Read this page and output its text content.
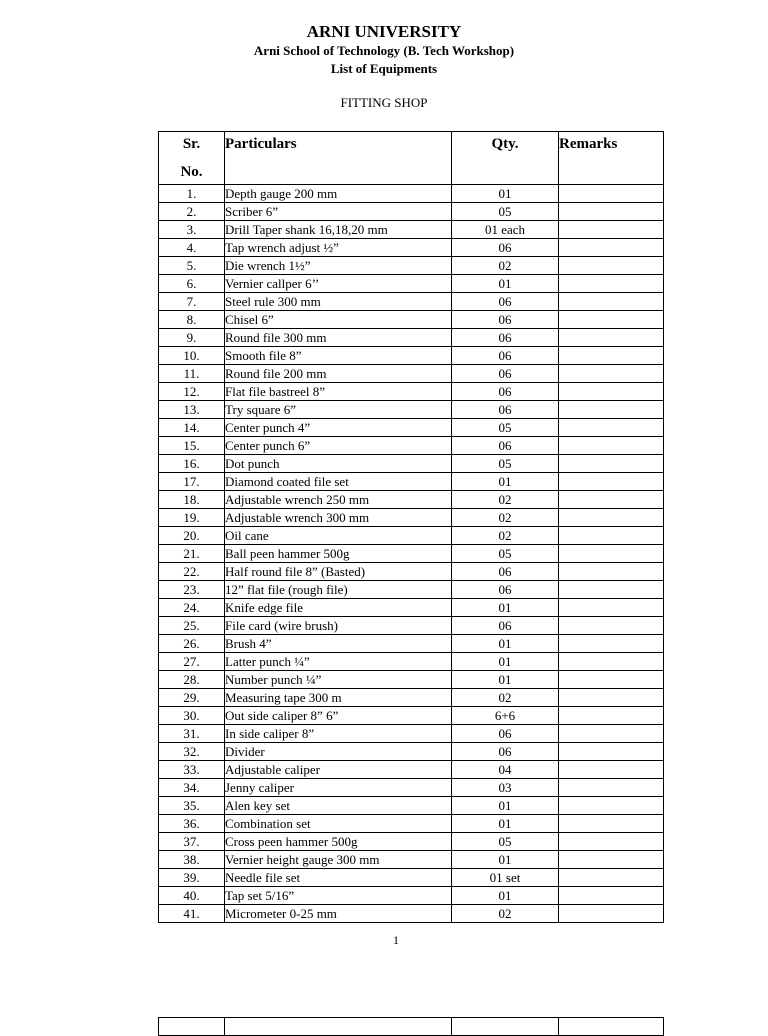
ARNI UNIVERSITY
Arni School of Technology (B. Tech Workshop)
List of Equipments
FITTING SHOP
Sr.
No.	Particulars	Qty.	Remarks
1.	Depth gauge 200 mm	01	
2.	Scriber 6”	05	
3.	Drill Taper shank 16,18,20 mm	01 each	
4.	Tap wrench adjust ½”	06	
5.	Die wrench 1½”	02	
6.	Vernier callper 6’’	01	
7.	Steel rule 300 mm	06	
8.	Chisel 6”	06	
9.	Round file 300 mm	06	
10.	Smooth file 8”	06	
11.	Round file 200 mm	06	
12.	Flat file bastreel 8”	06	
13.	Try square 6”	06	
14.	Center punch 4”	05	
15.	Center punch 6”	06	
16.	Dot punch	05	
17.	Diamond coated file set	01	
18.	Adjustable wrench 250 mm	02	
19.	Adjustable wrench 300 mm	02	
20.	Oil cane	02	
21.	Ball peen hammer 500g	05	
22.	Half round file 8” (Basted)	06	
23.	12” flat file (rough file)	06	
24.	Knife edge file	01	
25.	File card (wire brush)	06	
26.	Brush 4”	01	
27.	Latter punch ¼”	01	
28.	Number punch ¼”	01	
29.	Measuring tape 300 m	02	
30.	Out side caliper 8” 6”	6+6	
31.	In side caliper 8”	06	
32.	Divider	06	
33.	Adjustable caliper	04	
34.	Jenny caliper	03	
35.	Alen key set	01	
36.	Combination set	01	
37.	Cross peen hammer 500g	05	
38.	Vernier height gauge 300 mm	01	
39.	Needle file set	01 set	
40.	Tap set 5/16”	01	
41.	Micrometer 0-25 mm	02	
1
